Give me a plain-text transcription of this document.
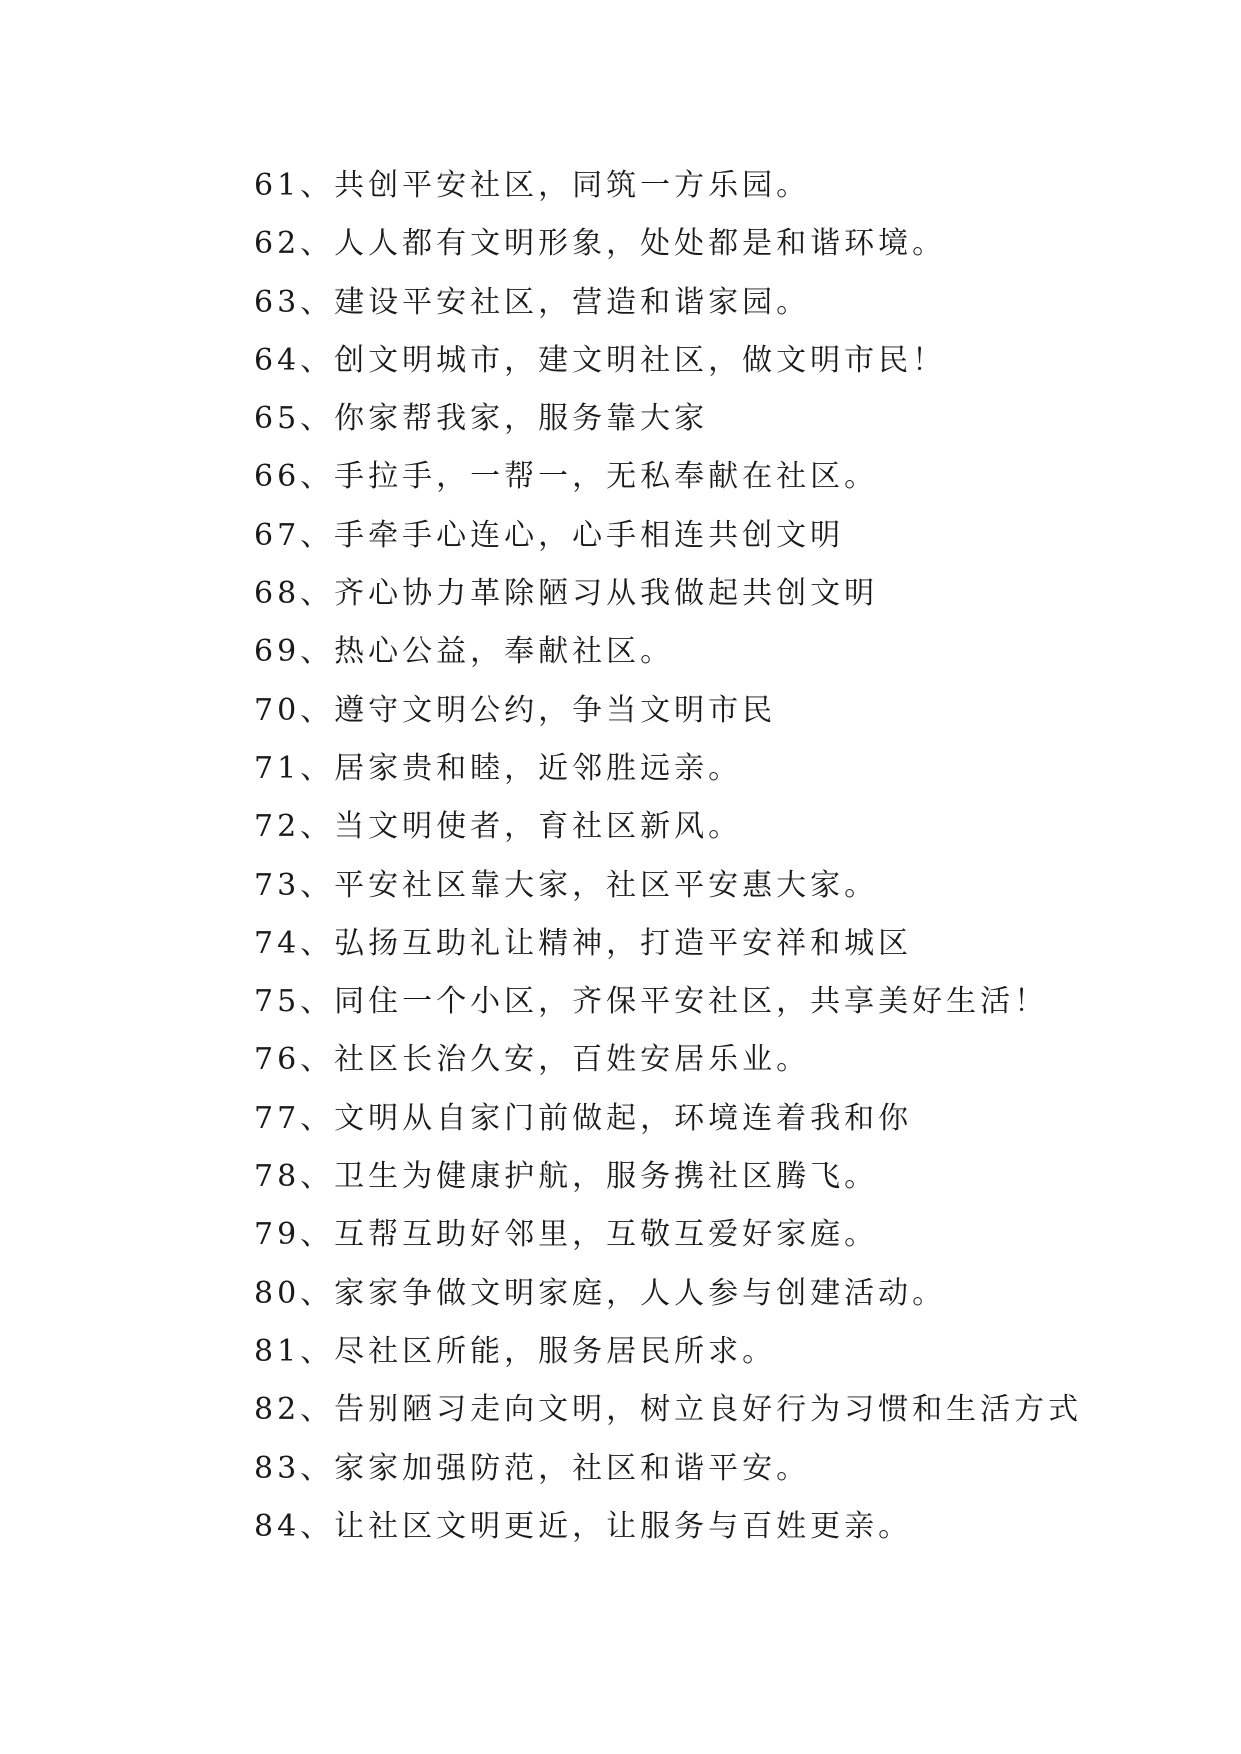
61、共创平安社区，同筑一方乐园。
62、人人都有文明形象，处处都是和谐环境。
63、建设平安社区，营造和谐家园。
64、创文明城市，建文明社区，做文明市民！
65、你家帮我家，服务靠大家
66、手拉手，一帮一，无私奉献在社区。
67、手牵手心连心，心手相连共创文明
68、齐心协力革除陋习从我做起共创文明
69、热心公益，奉献社区。
70、遵守文明公约，争当文明市民
71、居家贵和睦，近邻胜远亲。
72、当文明使者，育社区新风。
73、平安社区靠大家，社区平安惠大家。
74、弘扬互助礼让精神，打造平安祥和城区
75、同住一个小区，齐保平安社区，共享美好生活！
76、社区长治久安，百姓安居乐业。
77、文明从自家门前做起，环境连着我和你
78、卫生为健康护航，服务携社区腾飞。
79、互帮互助好邻里，互敬互爱好家庭。
80、家家争做文明家庭，人人参与创建活动。
81、尽社区所能，服务居民所求。
82、告别陋习走向文明，树立良好行为习惯和生活方式
83、家家加强防范，社区和谐平安。
84、让社区文明更近，让服务与百姓更亲。
